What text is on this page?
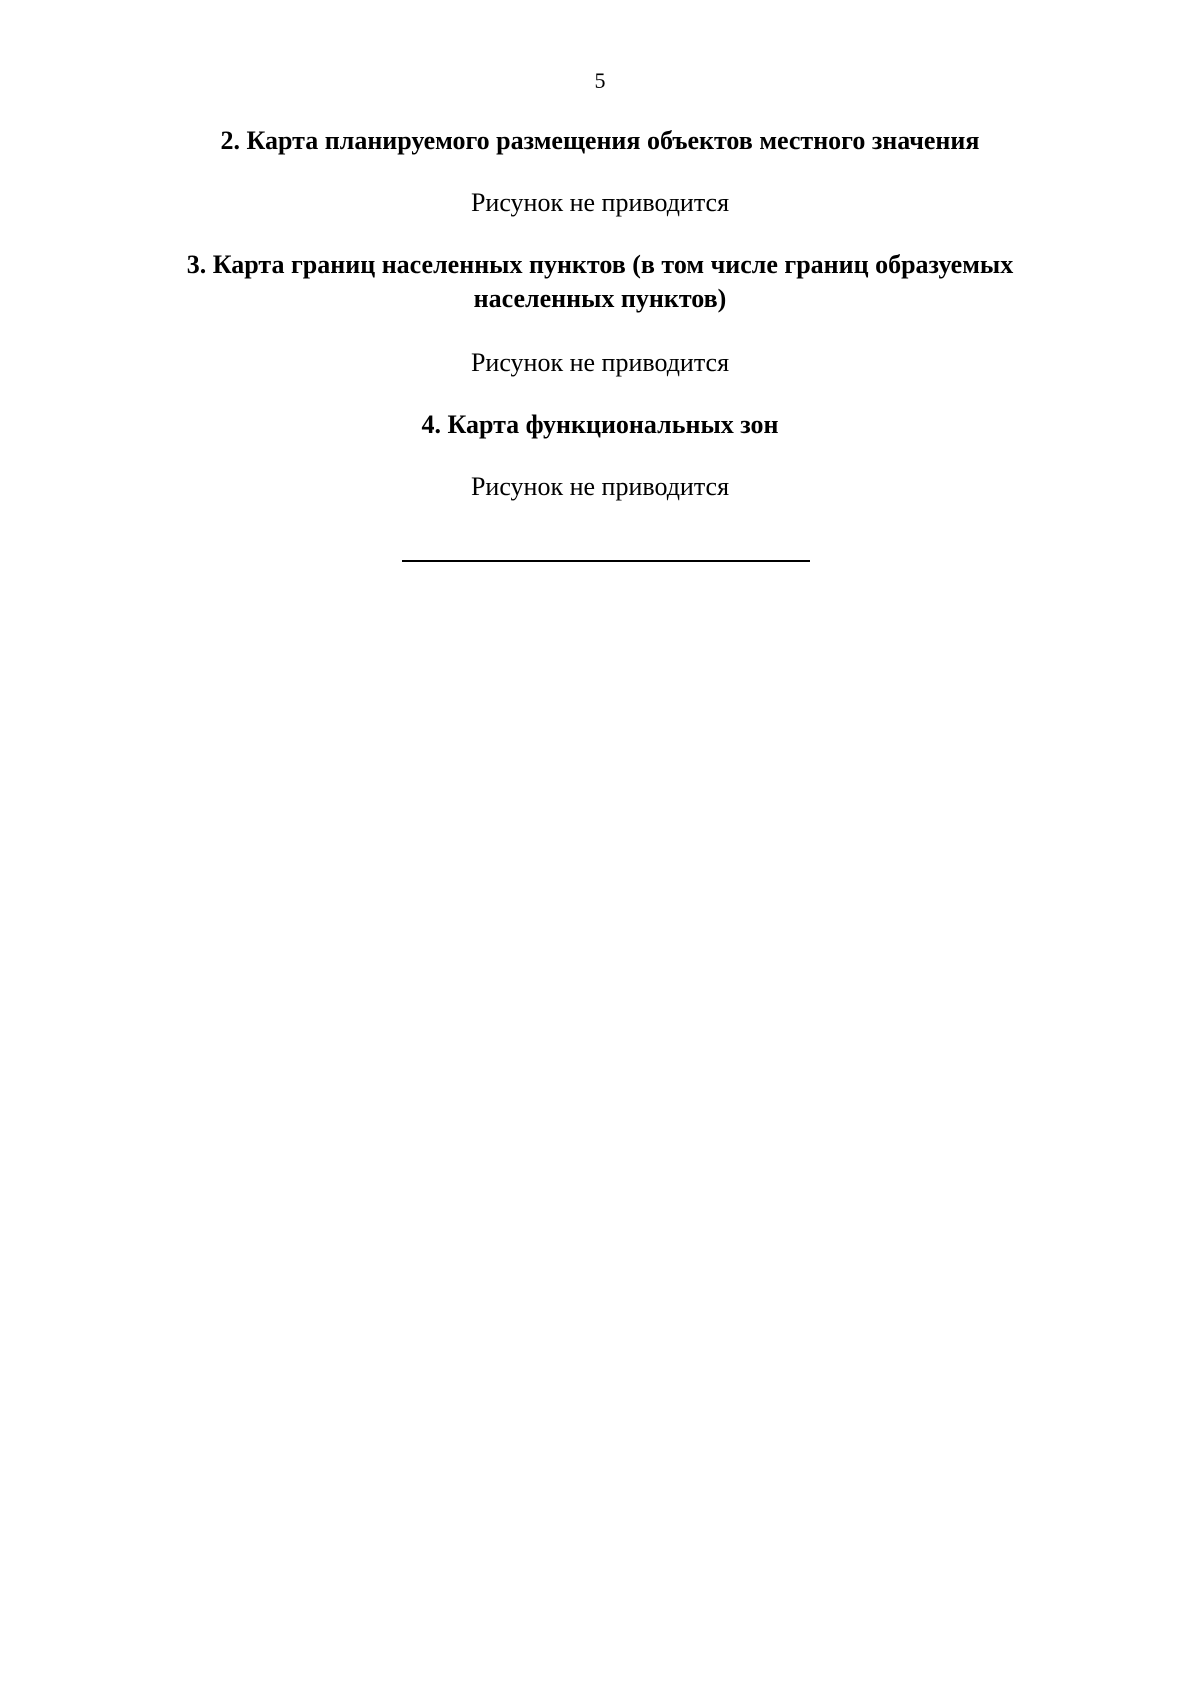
5
2. Карта планируемого размещения объектов местного значения

Рисунок не приводится

3. Карта границ населенных пунктов (в том числе границ образуемых
населенных пунктов)

Рисунок не приводится

4. Карта функциональных зон

Рисунок не приводится
